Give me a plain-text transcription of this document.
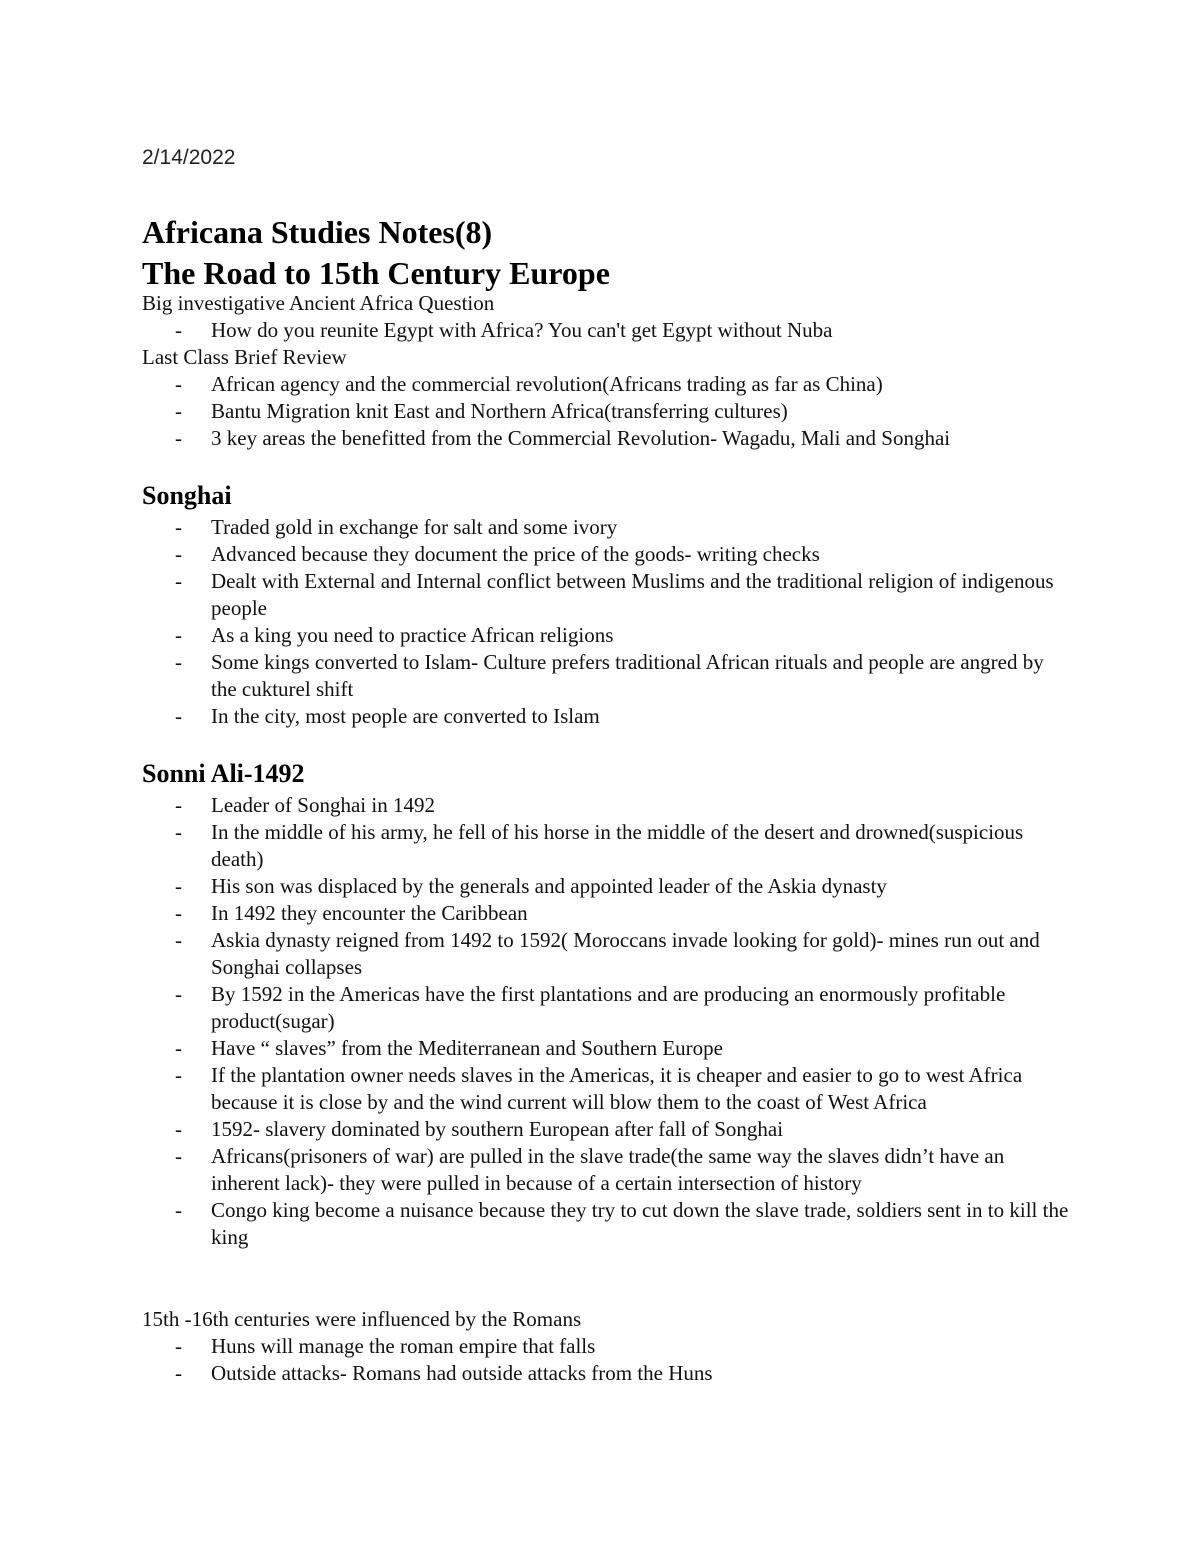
2/14/2022
Africana Studies Notes(8)
The Road to 15th Century Europe
Big investigative Ancient Africa Question
- How do you reunite Egypt with Africa? You can't get Egypt without Nuba
Last Class Brief Review
- African agency and the commercial revolution(Africans trading as far as China)
- Bantu Migration knit East and Northern Africa(transferring cultures)
- 3 key areas the benefitted from the Commercial Revolution- Wagadu, Mali and Songhai
Songhai
- Traded gold in exchange for salt and some ivory
- Advanced because they document the price of the goods- writing checks
- Dealt with External and Internal conflict between Muslims and the traditional religion of indigenous people
- As a king you need to practice African religions
- Some kings converted to Islam- Culture prefers traditional African rituals and people are angred by the cukturel shift
- In the city, most people are converted to Islam
Sonni Ali-1492
- Leader of Songhai in 1492
- In the middle of his army, he fell of his horse in the middle of the desert and drowned(suspicious death)
- His son was displaced by the generals and appointed leader of the Askia dynasty
- In 1492 they encounter the Caribbean
- Askia dynasty reigned from 1492 to 1592( Moroccans invade looking for gold)- mines run out and Songhai collapses
- By 1592 in the Americas have the first plantations and are producing an enormously profitable product(sugar)
- Have “ slaves” from the Mediterranean and Southern Europe
- If the plantation owner needs slaves in the Americas, it is cheaper and easier to go to west Africa because it is close by and the wind current will blow them to the coast of West Africa
- 1592- slavery dominated by southern European after fall of Songhai
- Africans(prisoners of war) are pulled in the slave trade(the same way the slaves didn’t have an inherent lack)- they were pulled in because of a certain intersection of history
- Congo king become a nuisance because they try to cut down the slave trade, soldiers sent in to kill the king
15th -16th centuries were influenced by the Romans
- Huns will manage the roman empire that falls
- Outside attacks- Romans had outside attacks from the Huns
